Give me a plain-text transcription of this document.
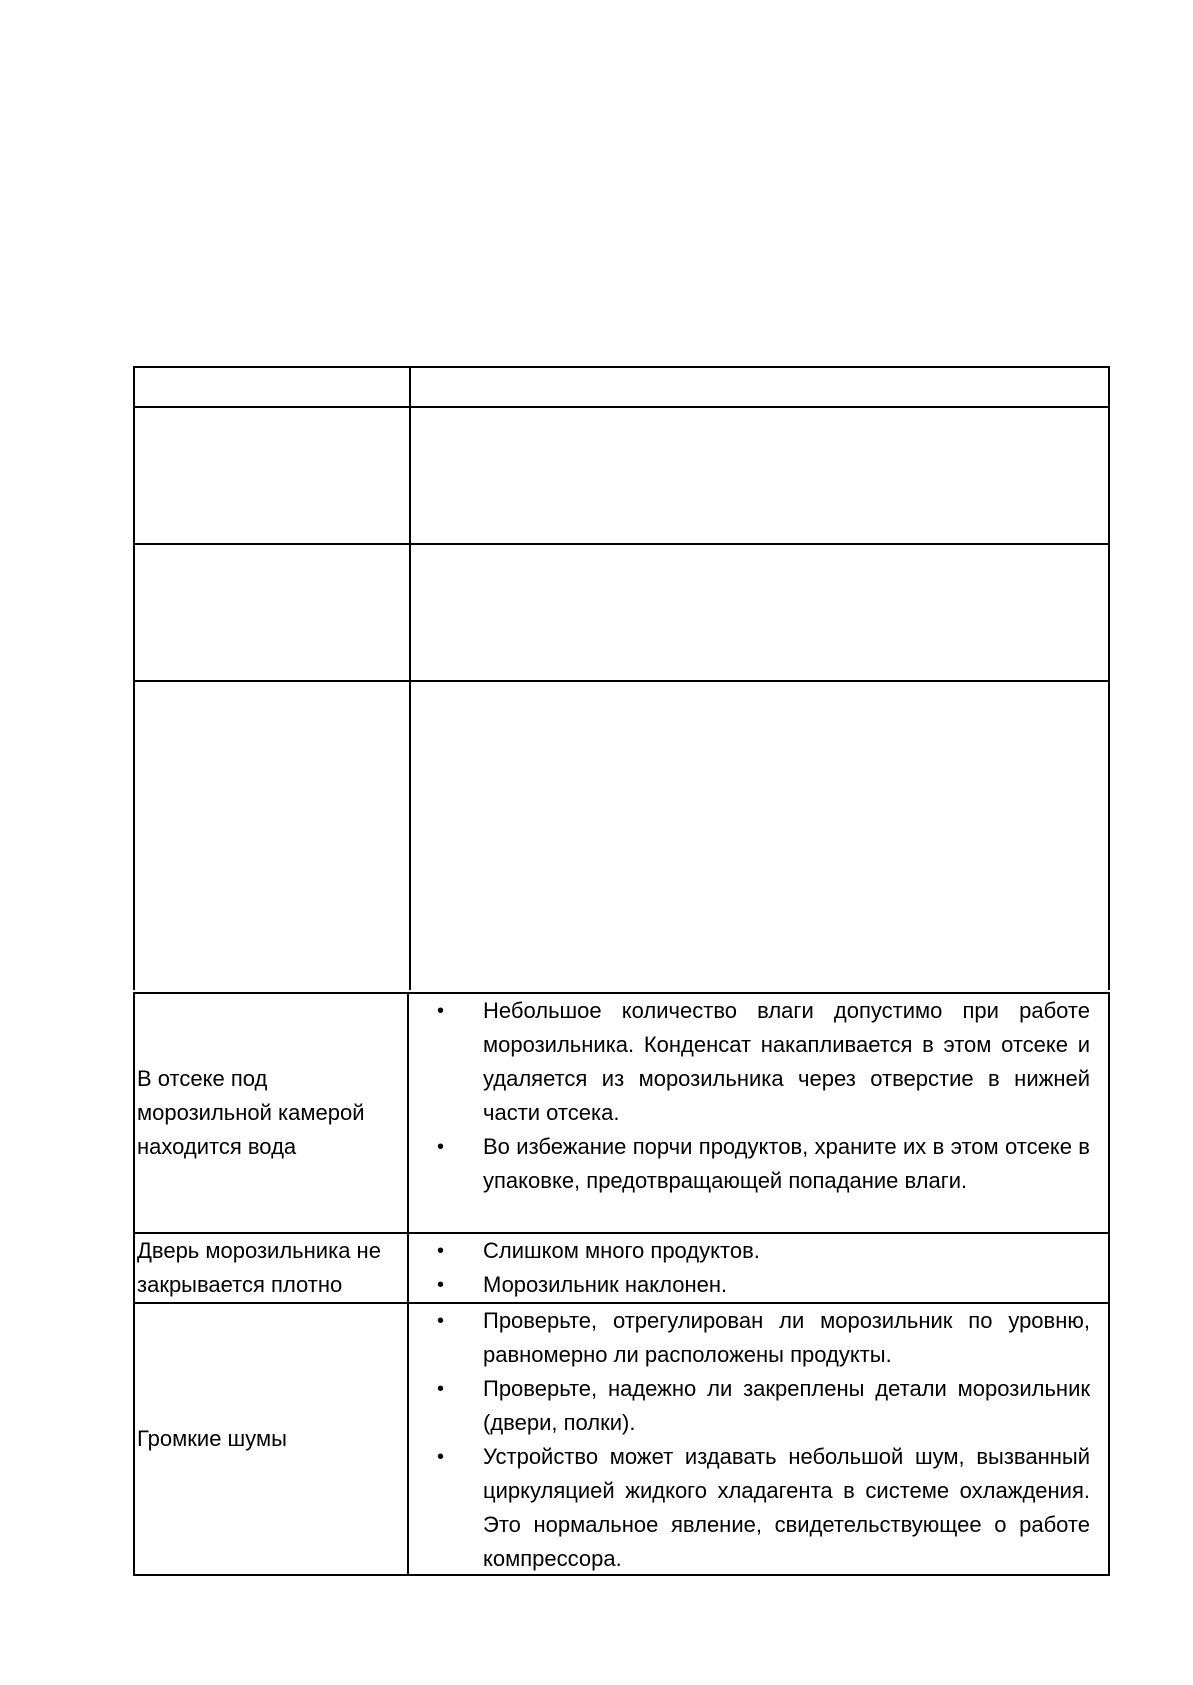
В отсеке под морозильной камерой находится вода
• Небольшое количество влаги допустимо при работе морозильника. Конденсат накапливается в этом отсеке и удаляется из морозильника через отверстие в нижней части отсека.
• Во избежание порчи продуктов, храните их в этом отсеке в упаковке, предотвращающей попадание влаги.
Дверь морозильника не закрывается плотно
• Слишком много продуктов.
• Морозильник наклонен.
Громкие шумы
• Проверьте, отрегулирован ли морозильник по уровню, равномерно ли расположены продукты.
• Проверьте, надежно ли закреплены детали морозильник (двери, полки).
• Устройство может издавать небольшой шум, вызванный циркуляцией жидкого хладагента в системе охлаждения. Это нормальное явление, свидетельствующее о работе компрессора.
